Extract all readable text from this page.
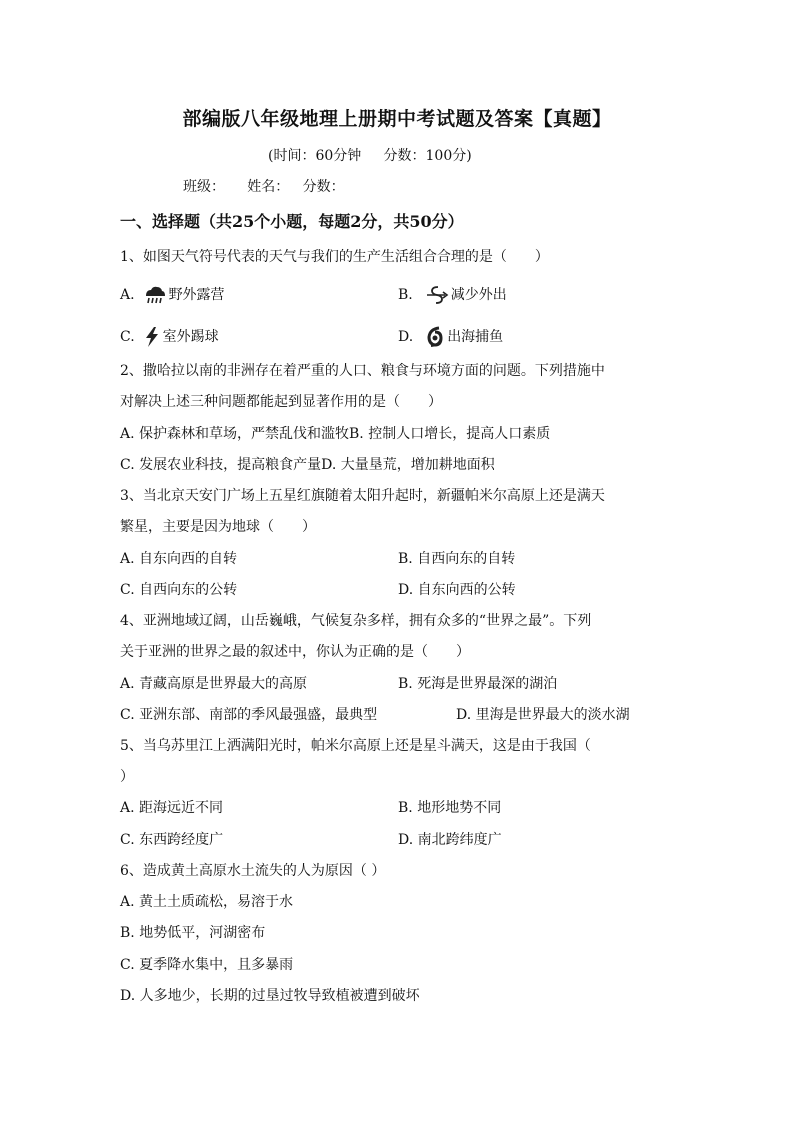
部编版八年级地理上册期中考试题及答案【真题】
(时间：60分钟     分数：100分)
班级：     姓名：   分数：
一、选择题（共25个小题，每题2分，共50分）
1、如图天气符号代表的天气与我们的生产生活组合合理的是（　　）
A. 野外露营	B.	减少外出
C. 室外踢球	D. 出海捕鱼
2、撒哈拉以南的非洲存在着严重的人口、粮食与环境方面的问题。下列措施中
对解决上述三种问题都能起到显著作用的是（　　）
A. 保护森林和草场，严禁乱伐和滥牧B. 控制人口增长，提高人口素质
C. 发展农业科技，提高粮食产量D. 大量垦荒，增加耕地面积
3、当北京天安门广场上五星红旗随着太阳升起时，新疆帕米尔高原上还是满天
繁星，主要是因为地球（　　）
A. 自东向西的自转	B. 自西向东的自转
C. 自西向东的公转	D. 自东向西的公转
4、亚洲地域辽阔，山岳巍峨，气候复杂多样，拥有众多的“世界之最”。下列
关于亚洲的世界之最的叙述中，你认为正确的是（　　）
A. 青藏高原是世界最大的高原	B. 死海是世界最深的湖泊
C. 亚洲东部、南部的季风最强盛，最典型	D. 里海是世界最大的淡水湖
5、当乌苏里江上洒满阳光时，帕米尔高原上还是星斗满天，这是由于我国（
）
A. 距海远近不同	B. 地形地势不同
C. 东西跨经度广	D. 南北跨纬度广
6、造成黄土高原水土流失的人为原因（ ）
A. 黄土土质疏松，易溶于水
B. 地势低平，河湖密布
C. 夏季降水集中，且多暴雨
D. 人多地少，长期的过垦过牧导致植被遭到破坏
